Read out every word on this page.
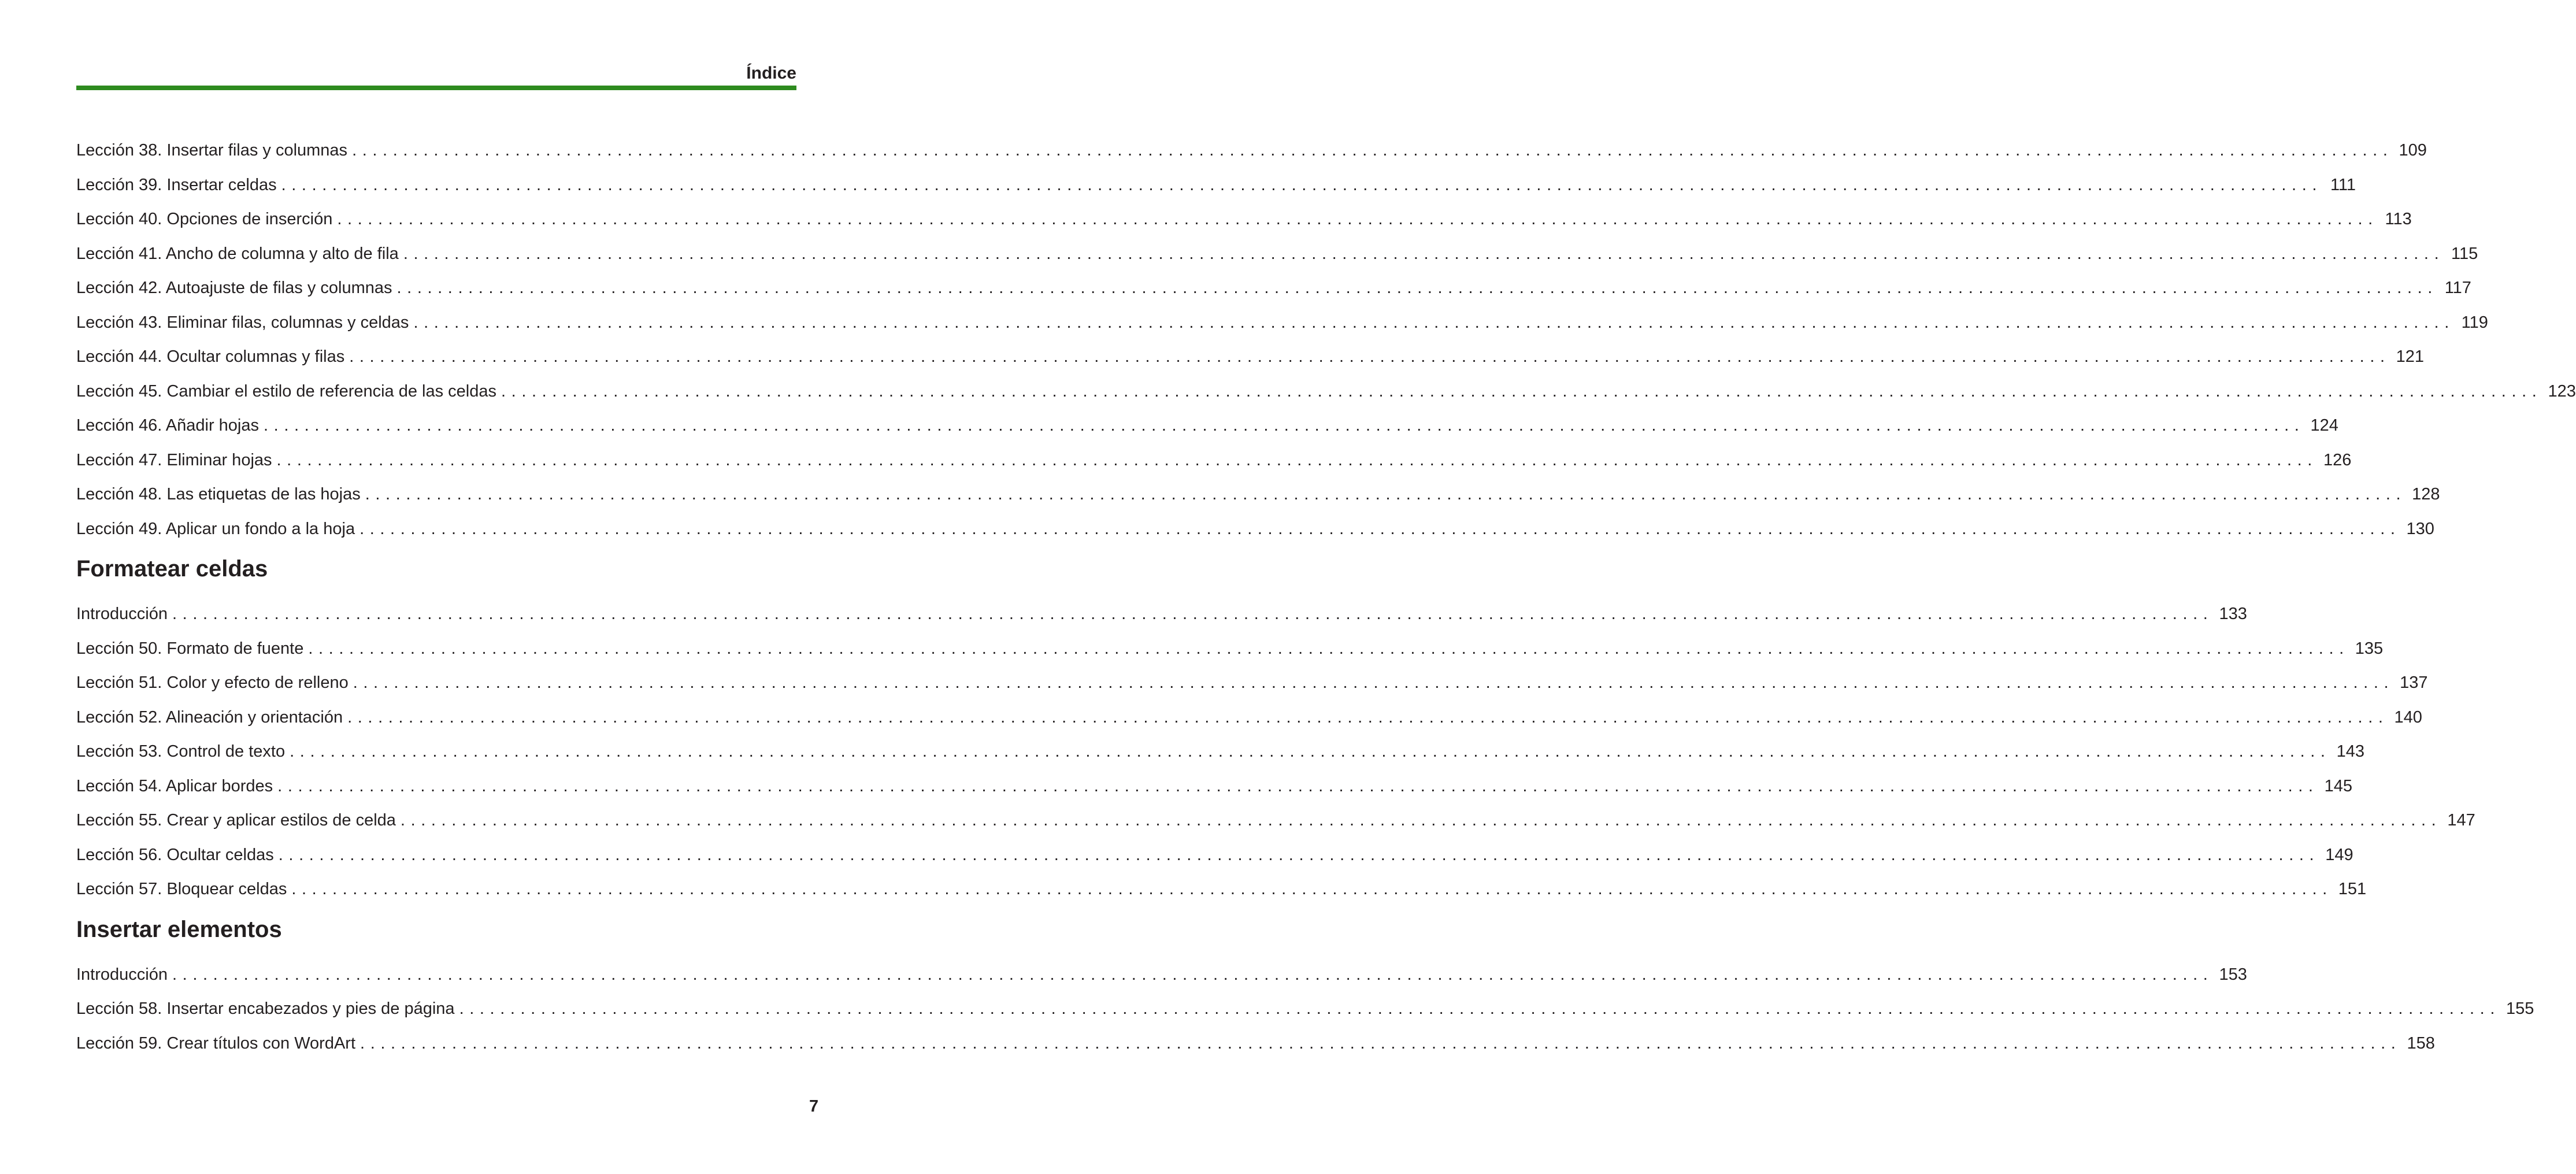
Índice
Lección 38. Insertar filas y columnas ........................................................................................................................................................................................................ 109
Lección 39. Insertar celdas ........................................................................................................................................................................................................ 111
Lección 40. Opciones de inserción ........................................................................................................................................................................................................ 113
Lección 41. Ancho de columna y alto de fila ........................................................................................................................................................................................................ 115
Lección 42. Autoajuste de filas y columnas ........................................................................................................................................................................................................ 117
Lección 43. Eliminar filas, columnas y celdas ........................................................................................................................................................................................................ 119
Lección 44. Ocultar columnas y filas ........................................................................................................................................................................................................ 121
Lección 45. Cambiar el estilo de referencia de las celdas ........................................................................................................................................................................................................ 123
Lección 46. Añadir hojas ........................................................................................................................................................................................................ 124
Lección 47. Eliminar hojas ........................................................................................................................................................................................................ 126
Lección 48. Las etiquetas de las hojas ........................................................................................................................................................................................................ 128
Lección 49. Aplicar un fondo a la hoja ........................................................................................................................................................................................................ 130
Formatear celdas
Introducción ........................................................................................................................................................................................................ 133
Lección 50. Formato de fuente ........................................................................................................................................................................................................ 135
Lección 51. Color y efecto de relleno ........................................................................................................................................................................................................ 137
Lección 52. Alineación y orientación ........................................................................................................................................................................................................ 140
Lección 53. Control de texto ........................................................................................................................................................................................................ 143
Lección 54. Aplicar bordes ........................................................................................................................................................................................................ 145
Lección 55. Crear y aplicar estilos de celda ........................................................................................................................................................................................................ 147
Lección 56. Ocultar celdas ........................................................................................................................................................................................................ 149
Lección 57. Bloquear celdas ........................................................................................................................................................................................................ 151
Insertar elementos
Introducción ........................................................................................................................................................................................................ 153
Lección 58. Insertar encabezados y pies de página ........................................................................................................................................................................................................ 155
Lección 59. Crear títulos con WordArt ........................................................................................................................................................................................................ 158
7
